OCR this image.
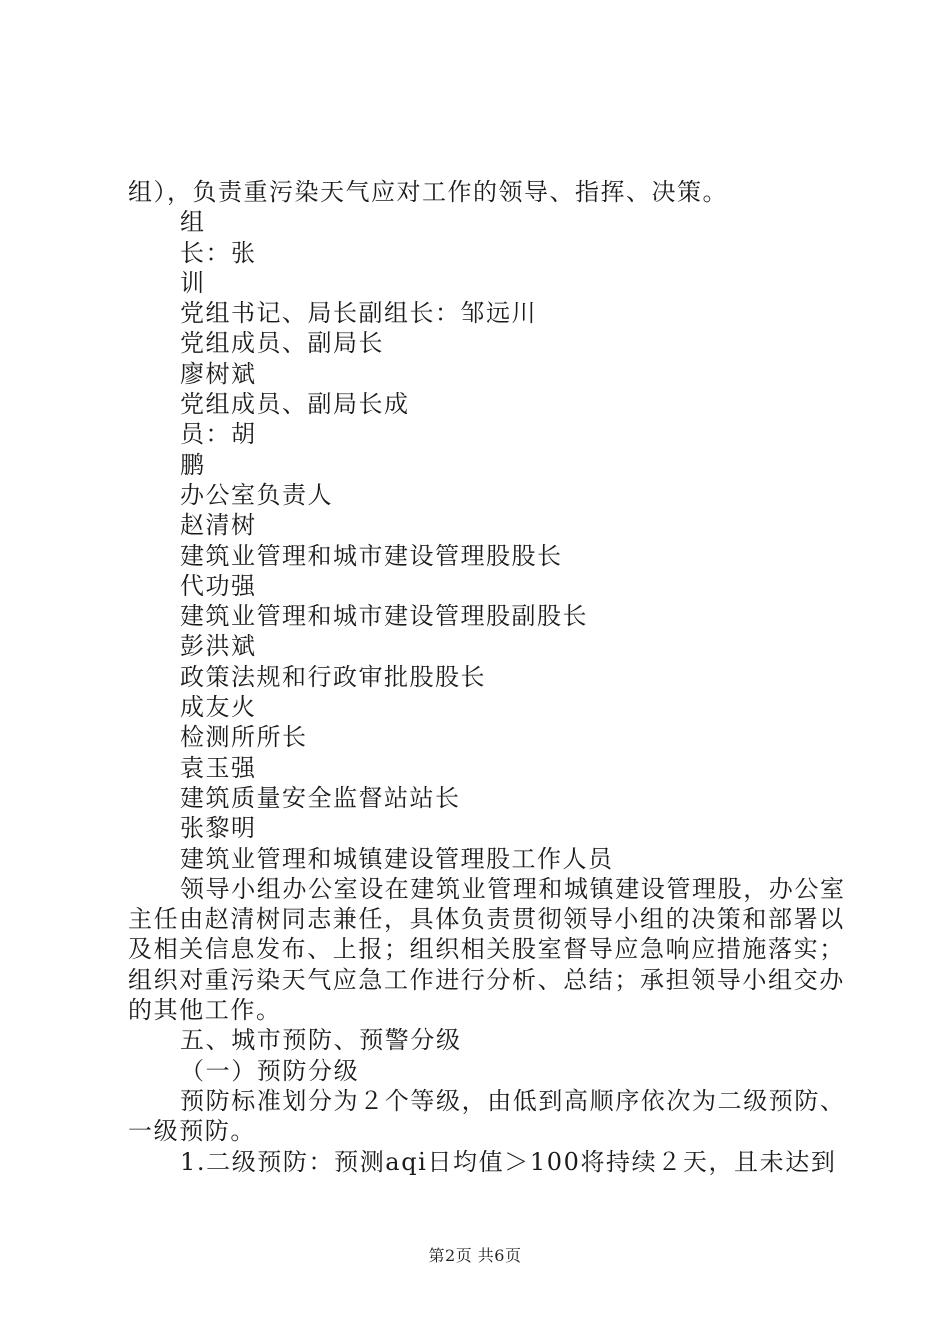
组），负责重污染天气应对工作的领导、指挥、决策。
组
长：张
训
党组书记、局长副组长：邹远川
党组成员、副局长
廖树斌
党组成员、副局长成
员：胡
鹏
办公室负责人
赵清树
建筑业管理和城市建设管理股股长
代功强
建筑业管理和城市建设管理股副股长
彭洪斌
政策法规和行政审批股股长
成友火
检测所所长
袁玉强
建筑质量安全监督站站长
张黎明
建筑业管理和城镇建设管理股工作人员
领导小组办公室设在建筑业管理和城镇建设管理股，办公室主任由赵清树同志兼任，具体负责贯彻领导小组的决策和部署以及相关信息发布、上报；组织相关股室督导应急响应措施落实；组织对重污染天气应急工作进行分析、总结；承担领导小组交办的其他工作。
五、城市预防、预警分级
（一）预防分级
预防标准划分为２个等级，由低到高顺序依次为二级预防、一级预防。
1.二级预防：预测aqi日均值＞100将持续２天，且未达到
第2页 共6页
